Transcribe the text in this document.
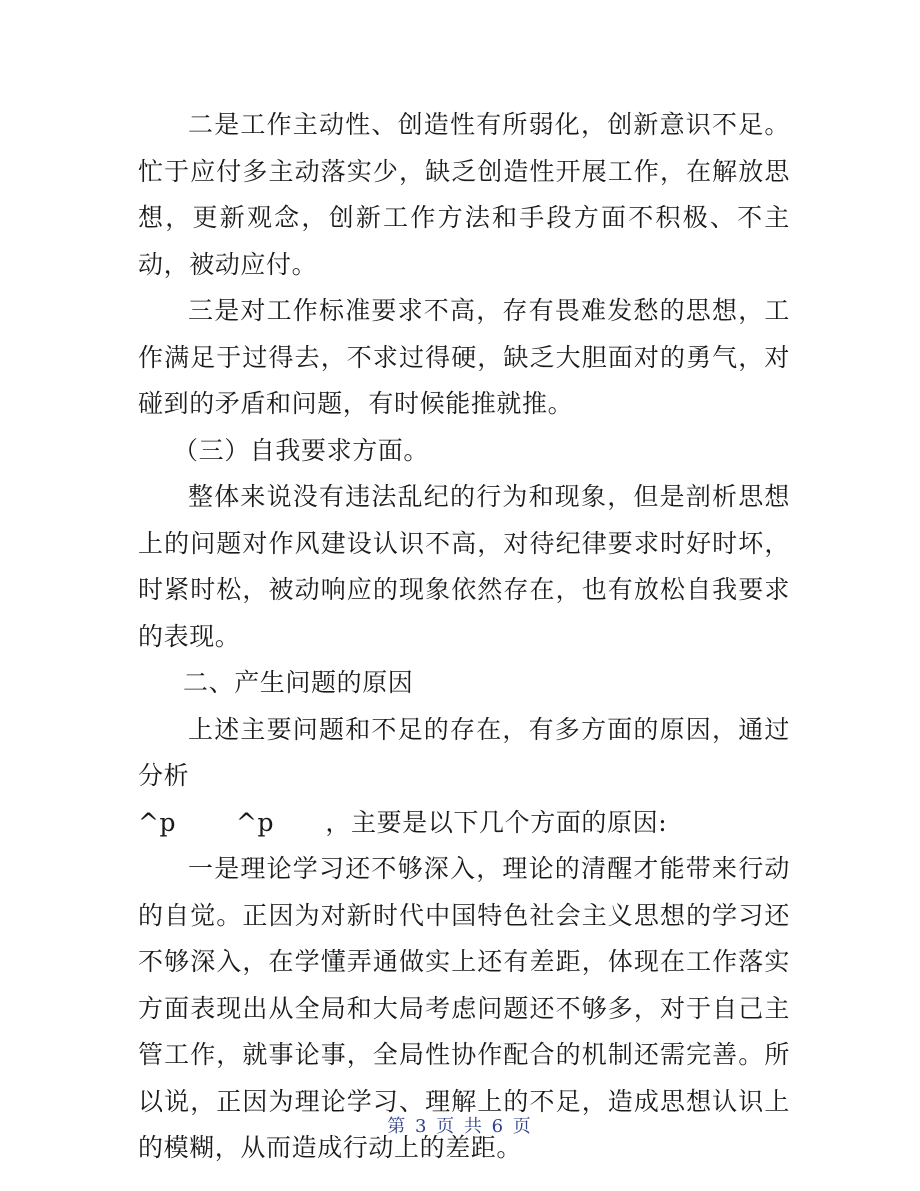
二是工作主动性、创造性有所弱化，创新意识不足。忙于应付多主动落实少，缺乏创造性开展工作，在解放思想，更新观念，创新工作方法和手段方面不积极、不主动，被动应付。

三是对工作标准要求不高，存有畏难发愁的思想，工作满足于过得去，不求过得硬，缺乏大胆面对的勇气，对碰到的矛盾和问题，有时候能推就推。

（三）自我要求方面。

整体来说没有违法乱纪的行为和现象，但是剖析思想上的问题对作风建设认识不高，对待纪律要求时好时坏，时紧时松，被动响应的现象依然存在，也有放松自我要求的表现。

二、产生问题的原因

上述主要问题和不足的存在，有多方面的原因，通过分析

^p ^p ，主要是以下几个方面的原因:

一是理论学习还不够深入，理论的清醒才能带来行动的自觉。正因为对新时代中国特色社会主义思想的学习还不够深入，在学懂弄通做实上还有差距，体现在工作落实方面表现出从全局和大局考虑问题还不够多，对于自己主管工作，就事论事，全局性协作配合的机制还需完善。所以说，正因为理论学习、理解上的不足，造成思想认识上的模糊，从而造成行动上的差距。

第 3 页 共 6 页
